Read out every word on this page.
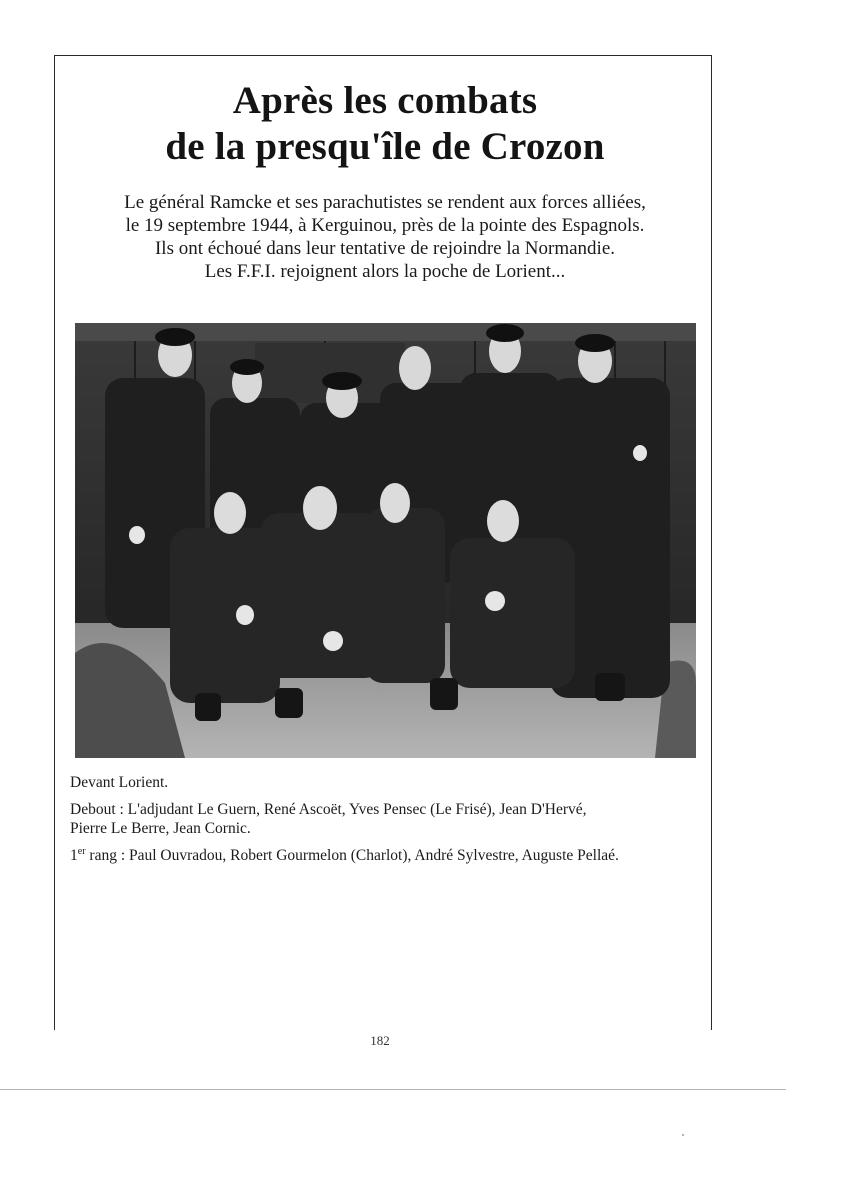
Après les combats
de la presqu'île de Crozon
Le général Ramcke et ses parachutistes se rendent aux forces alliées,
le 19 septembre 1944, à Kerguinou, près de la pointe des Espagnols.
Ils ont échoué dans leur tentative de rejoindre la Normandie.
Les F.F.I. rejoignent alors la poche de Lorient...

Devant Lorient.

Debout : L'adjudant Le Guern, René Ascoët, Yves Pensec (Le Frisé), Jean D'Hervé,
Pierre Le Berre, Jean Cornic.

1er rang : Paul Ouvradou, Robert Gourmelon (Charlot), André Sylvestre, Auguste Pellaé.

182
